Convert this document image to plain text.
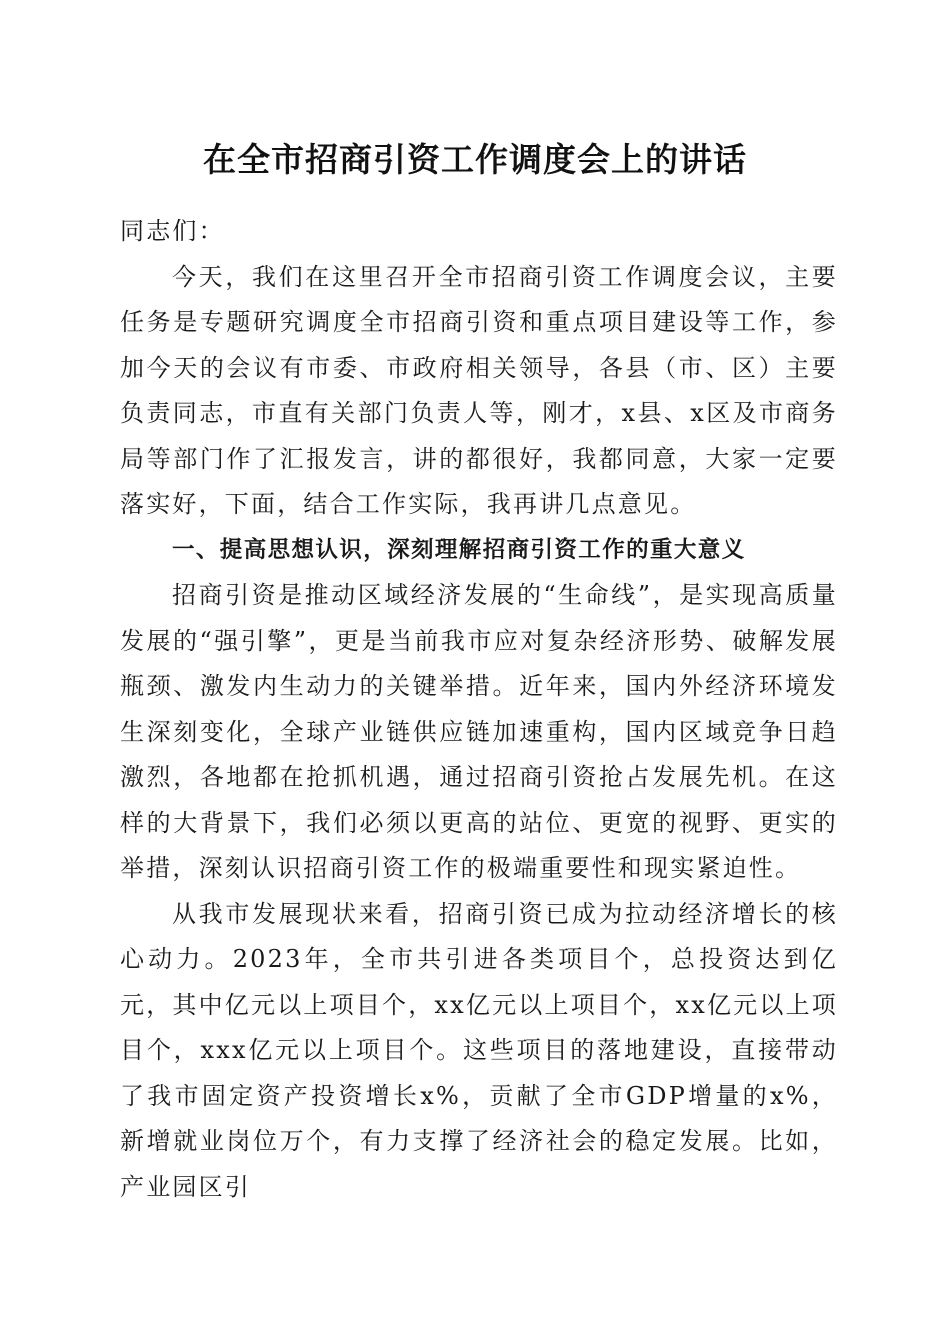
在全市招商引资工作调度会上的讲话

同志们：

今天，我们在这里召开全市招商引资工作调度会议，主要任务是专题研究调度全市招商引资和重点项目建设等工作，参加今天的会议有市委、市政府相关领导，各县（市、区）主要负责同志，市直有关部门负责人等，刚才，x县、x区及市商务局等部门作了汇报发言，讲的都很好，我都同意，大家一定要落实好，下面，结合工作实际，我再讲几点意见。

一、提高思想认识，深刻理解招商引资工作的重大意义

招商引资是推动区域经济发展的“生命线”，是实现高质量发展的“强引擎”，更是当前我市应对复杂经济形势、破解发展瓶颈、激发内生动力的关键举措。近年来，国内外经济环境发生深刻变化，全球产业链供应链加速重构，国内区域竞争日趋激烈，各地都在抢抓机遇，通过招商引资抢占发展先机。在这样的大背景下，我们必须以更高的站位、更宽的视野、更实的举措，深刻认识招商引资工作的极端重要性和现实紧迫性。

从我市发展现状来看，招商引资已成为拉动经济增长的核心动力。2023年，全市共引进各类项目个，总投资达到亿元，其中亿元以上项目个，xx亿元以上项目个，xx亿元以上项目个，xxx亿元以上项目个。这些项目的落地建设，直接带动了我市固定资产投资增长x%，贡献了全市GDP增量的x%，新增就业岗位万个，有力支撑了经济社会的稳定发展。比如，产业园区引
